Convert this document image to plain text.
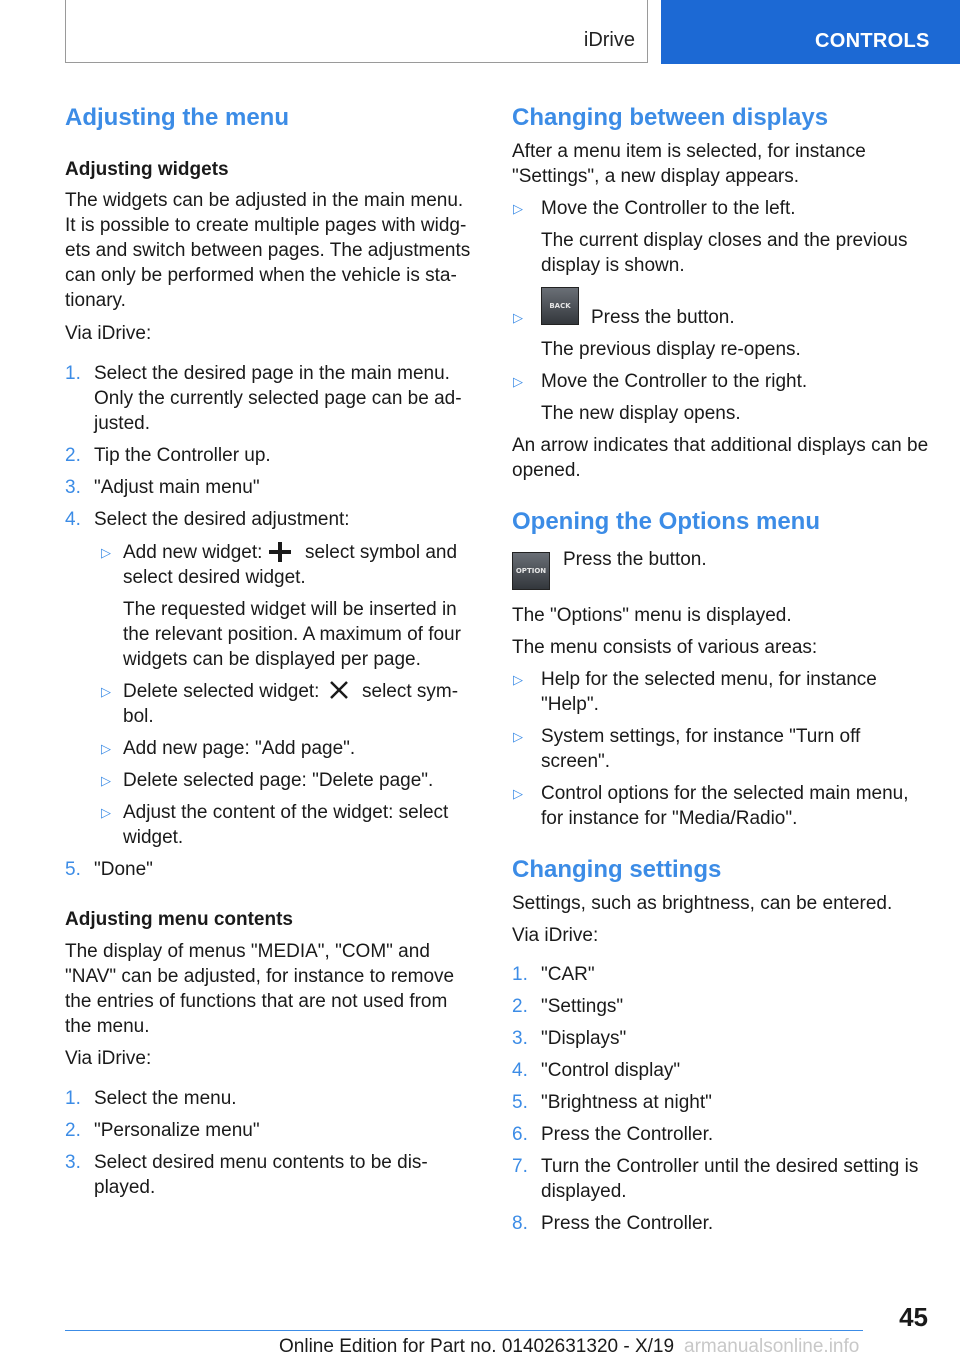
iDrive	CONTROLS
Adjusting the menu
Adjusting widgets
The widgets can be adjusted in the main menu.
It is possible to create multiple pages with widg‐
ets and switch between pages. The adjustments
can only be performed when the vehicle is sta‐
tionary.
Via iDrive:
1. Select the desired page in the main menu.
Only the currently selected page can be ad‐
justed.
2. Tip the Controller up.
3. "Adjust main menu"
4. Select the desired adjustment:
▷ Add new widget: select symbol and
select desired widget.
The requested widget will be inserted in
the relevant position. A maximum of four
widgets can be displayed per page.
▷ Delete selected widget: select sym‐
bol.
▷ Add new page: "Add page".
▷ Delete selected page: "Delete page".
▷ Adjust the content of the widget: select
widget.
5. "Done"
Adjusting menu contents
The display of menus "MEDIA", "COM" and
"NAV" can be adjusted, for instance to remove
the entries of functions that are not used from
the menu.
Via iDrive:
1. Select the menu.
2. "Personalize menu"
3. Select desired menu contents to be dis‐
played.
Changing between displays
After a menu item is selected, for instance
"Settings", a new display appears.
▷ Move the Controller to the left.
The current display closes and the previous
display is shown.
▷
BACK
Press the button.
The previous display re-opens.
▷ Move the Controller to the right.
The new display opens.
An arrow indicates that additional displays can be
opened.
Opening the Options menu
OPTION
Press the button.
The "Options" menu is displayed.
The menu consists of various areas:
▷ Help for the selected menu, for instance
"Help".
▷ System settings, for instance "Turn off
screen".
▷ Control options for the selected main menu,
for instance for "Media/Radio".
Changing settings
Settings, such as brightness, can be entered.
Via iDrive:
1. "CAR"
2. "Settings"
3. "Displays"
4. "Control display"
5. "Brightness at night"
6. Press the Controller.
7. Turn the Controller until the desired setting is
displayed.
8. Press the Controller.
45
Online Edition for Part no. 01402631320 - X/19 armanualsonline.info
